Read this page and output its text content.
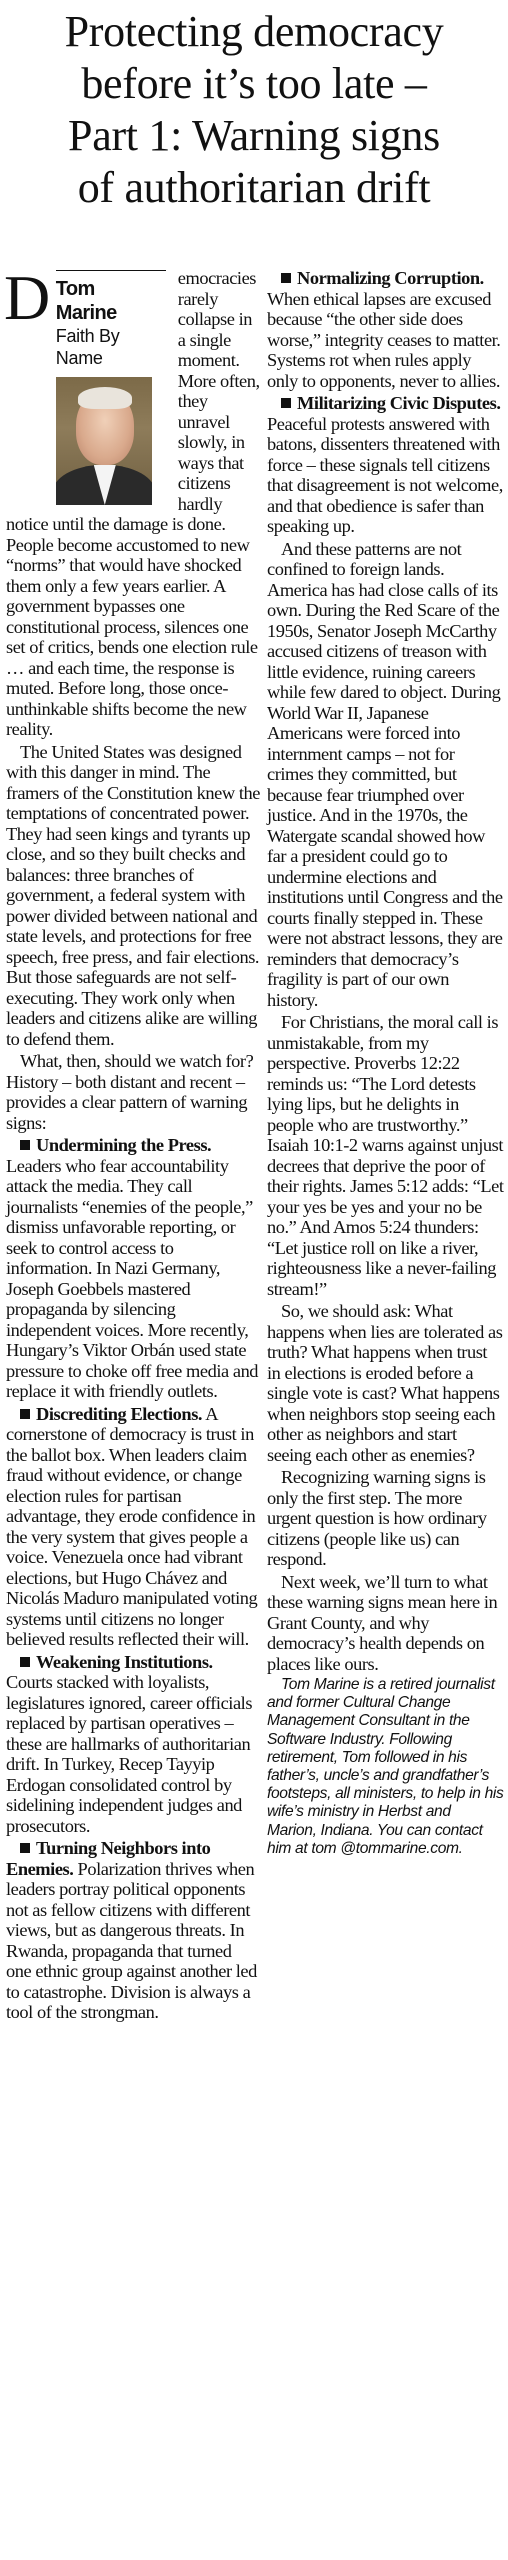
Protecting democracy
before it’s too late –
Part 1: Warning signs
of authoritarian drift

D Tom
Marine
Faith By
Name
emocracies rarely collapse in a single moment. More often, they unravel slowly, in ways that citizens hardly notice until the damage is done. People become accustomed to new “norms” that would have shocked them only a few years earlier. A government bypasses one constitutional process, silences one set of critics, bends one election rule … and each time, the response is muted. Before long, those once-unthinkable shifts become the new reality.

The United States was designed with this danger in mind. The framers of the Constitution knew the temptations of concentrated power. They had seen kings and tyrants up close, and so they built checks and balances: three branches of government, a federal system with power divided between national and state levels, and protections for free speech, free press, and fair elections. But those safeguards are not self-executing. They work only when leaders and citizens alike are willing to defend them.

What, then, should we watch for? History – both distant and recent – provides a clear pattern of warning signs:

Undermining the Press. Leaders who fear accountability attack the media. They call journalists “enemies of the people,” dismiss unfavorable reporting, or seek to control access to information. In Nazi Germany, Joseph Goebbels mastered propaganda by silencing independent voices. More recently, Hungary’s Viktor Orbán used state pressure to choke off free media and replace it with friendly outlets.

Discrediting Elections. A cornerstone of democracy is trust in the ballot box. When leaders claim fraud without evidence, or change election rules for partisan advantage, they erode confidence in the very system that gives people a voice. Venezuela once had vibrant elections, but Hugo Chávez and Nicolás Maduro manipulated voting systems until citizens no longer believed results reflected their will.

Weakening Institutions. Courts stacked with loyalists, legislatures ignored, career officials replaced by partisan operatives – these are hallmarks of authoritarian drift. In Turkey, Recep Tayyip Erdogan consolidated control by sidelining independent judges and prosecutors.

Turning Neighbors into Enemies. Polarization thrives when leaders portray political opponents not as fellow citizens with different views, but as dangerous threats. In Rwanda, propaganda that turned one ethnic group against another led to catastrophe. Division is always a tool of the strongman.

Normalizing Corruption. When ethical lapses are excused because “the other side does worse,” integrity ceases to matter. Systems rot when rules apply only to opponents, never to allies.

Militarizing Civic Disputes. Peaceful protests answered with batons, dissenters threatened with force – these signals tell citizens that disagreement is not welcome, and that obedience is safer than speaking up.

And these patterns are not confined to foreign lands. America has had close calls of its own. During the Red Scare of the 1950s, Senator Joseph McCarthy accused citizens of treason with little evidence, ruining careers while few dared to object. During World War II, Japanese Americans were forced into internment camps – not for crimes they committed, but because fear triumphed over justice. And in the 1970s, the Watergate scandal showed how far a president could go to undermine elections and institutions until Congress and the courts finally stepped in. These were not abstract lessons, they are reminders that democracy’s fragility is part of our own history.

For Christians, the moral call is unmistakable, from my perspective. Proverbs 12:22 reminds us: “The Lord detests lying lips, but he delights in people who are trustworthy.” Isaiah 10:1-2 warns against unjust decrees that deprive the poor of their rights. James 5:12 adds: “Let your yes be yes and your no be no.” And Amos 5:24 thunders: “Let justice roll on like a river, righteousness like a never-failing stream!”

So, we should ask: What happens when lies are tolerated as truth? What happens when trust in elections is eroded before a single vote is cast? What happens when neighbors stop seeing each other as neighbors and start seeing each other as enemies?

Recognizing warning signs is only the first step. The more urgent question is how ordinary citizens (people like us) can respond.

Next week, we’ll turn to what these warning signs mean here in Grant County, and why democracy’s health depends on places like ours.

Tom Marine is a retired journalist and former Cultural Change Management Consultant in the Software Industry. Following retirement, Tom followed in his father’s, uncle’s and grandfather’s footsteps, all ministers, to help in his wife’s ministry in Herbst and Marion, Indiana. You can contact him at tom @tommarine.com.
